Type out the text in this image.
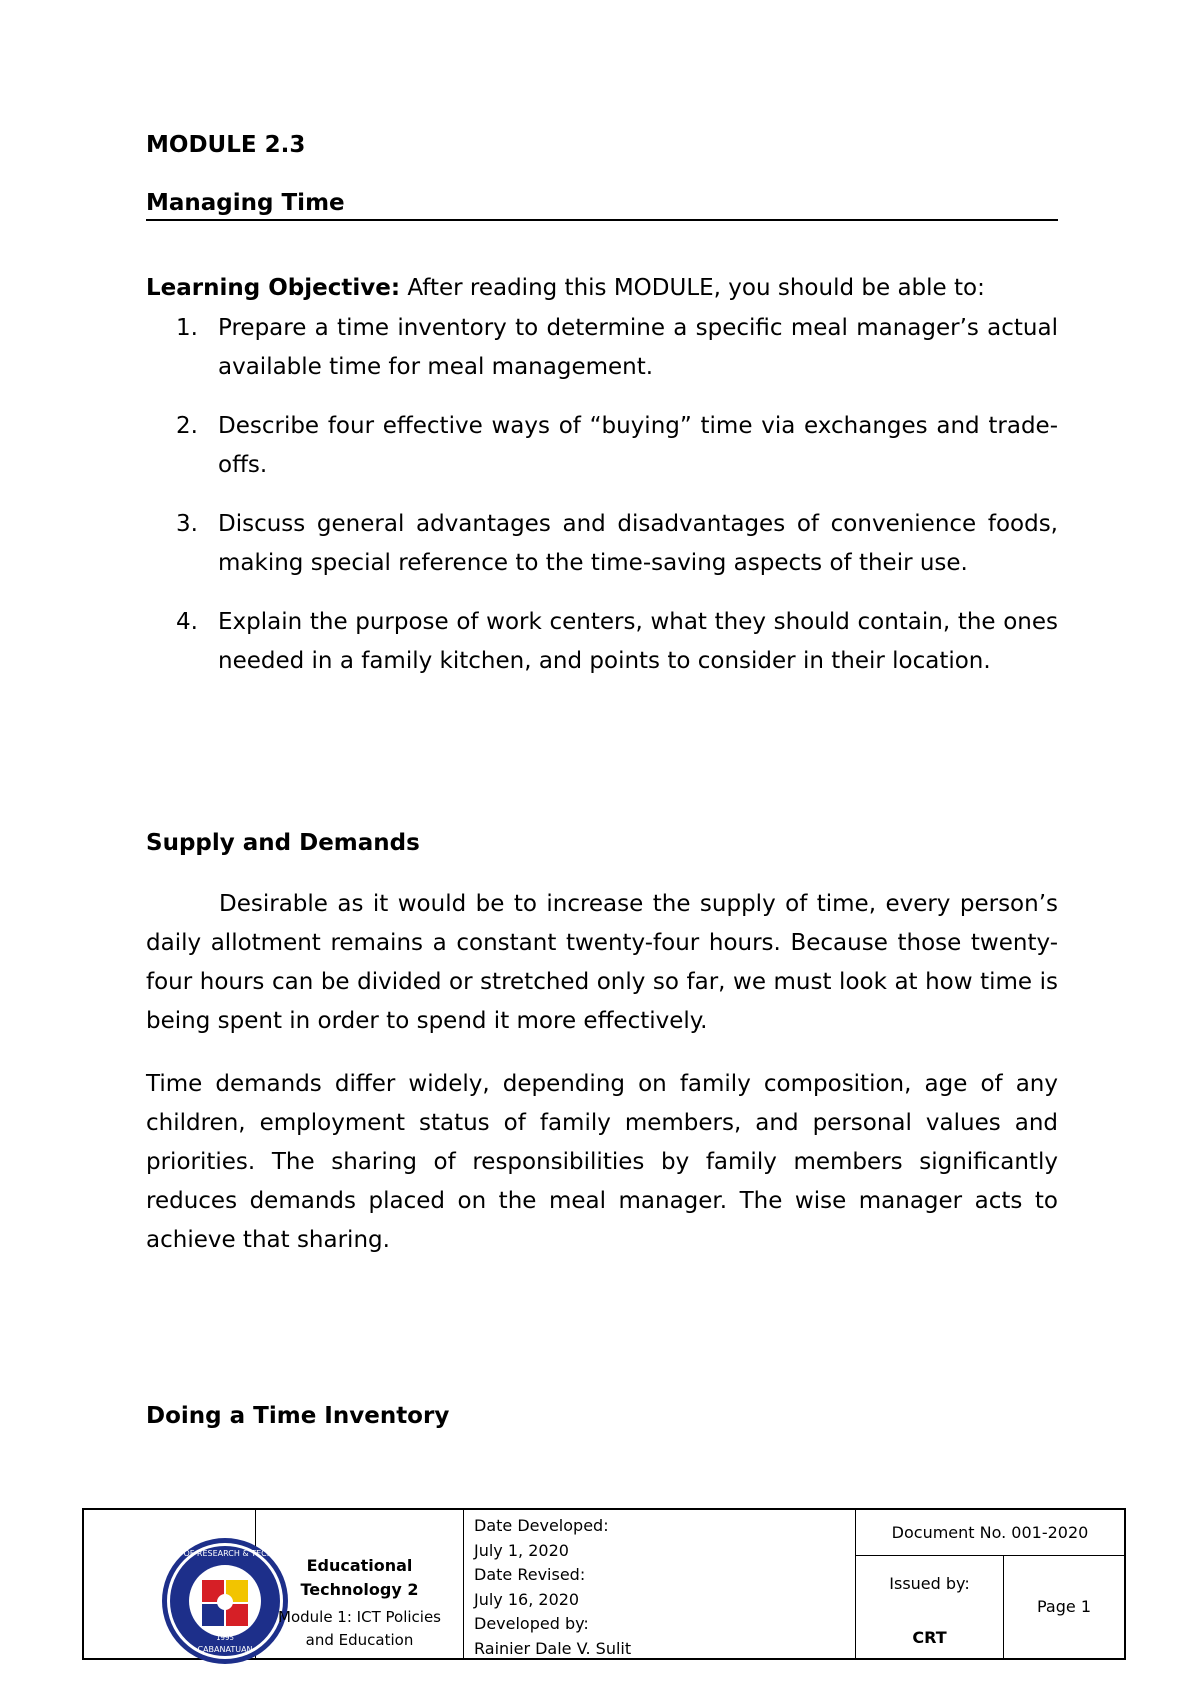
MODULE 2.3
Managing Time
Learning Objective: After reading this MODULE, you should be able to:
1. Prepare a time inventory to determine a specific meal manager’s actual available time for meal management.
2. Describe four effective ways of “buying” time via exchanges and trade-offs.
3. Discuss general advantages and disadvantages of convenience foods, making special reference to the time-saving aspects of their use.
4. Explain the purpose of work centers, what they should contain, the ones needed in a family kitchen, and points to consider in their location.
Supply and Demands

Desirable as it would be to increase the supply of time, every person’s daily allotment remains a constant twenty-four hours. Because those twenty-four hours can be divided or stretched only so far, we must look at how time is being spent in order to spend it more effectively.

Time demands differ widely, depending on family composition, age of any children, employment status of family members, and personal values and priorities. The sharing of responsibilities by family members significantly reduces demands placed on the meal manager. The wise manager acts to achieve that sharing.

Doing a Time Inventory
COLLEGE OF RESEARCH & TECHNOLOGY
CABANATUAN
1995
Educational
Technology 2
Module 1: ICT Policies
and Education
Date Developed:
July 1, 2020
Date Revised:
July 16, 2020
Developed by:
Rainier Dale V. Sulit
Document No. 001-2020
Issued by:
CRT
Page 1
